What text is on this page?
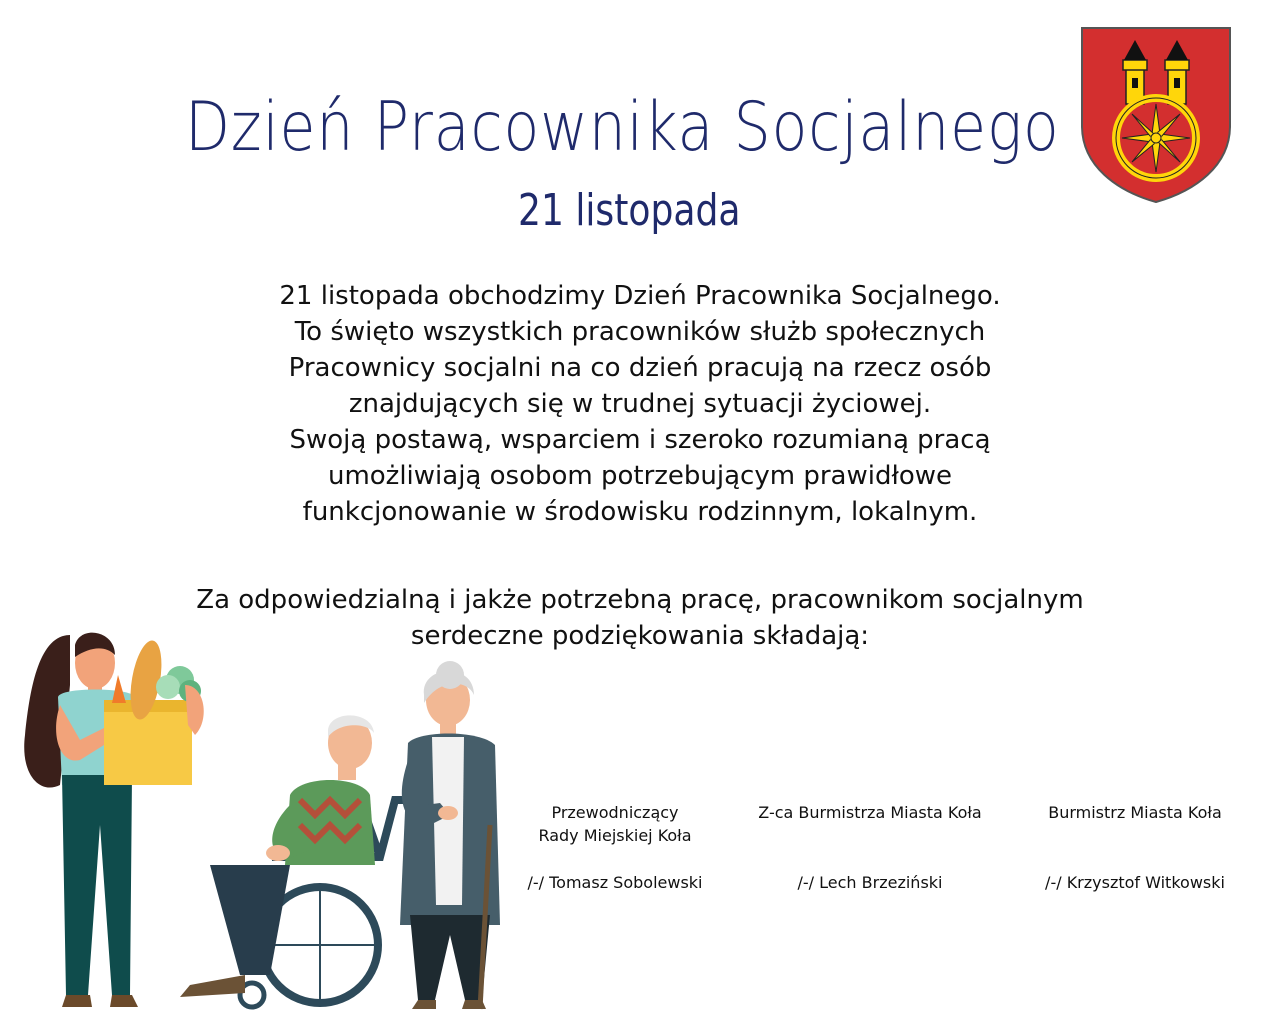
Dzień Pracownika Socjalnego
21 listopada

21 listopada obchodzimy Dzień Pracownika Socjalnego.

To święto wszystkich pracowników służb społecznych

Pracownicy socjalni na co dzień pracują na rzecz osób

znajdujących się w trudnej sytuacji życiowej.

Swoją postawą, wsparciem i szeroko rozumianą pracą

umożliwiają osobom potrzebującym prawidłowe

funkcjonowanie w środowisku rodzinnym, lokalnym.

Za odpowiedzialną i jakże potrzebną pracę, pracownikom socjalnym

serdeczne podziękowania składają:

Przewodniczący

Rady Miejskiej Koła

/-/ Tomasz Sobolewski

Z-ca Burmistrza Miasta Koła

/-/ Lech Brzeziński

Burmistrz Miasta Koła

/-/ Krzysztof Witkowski
